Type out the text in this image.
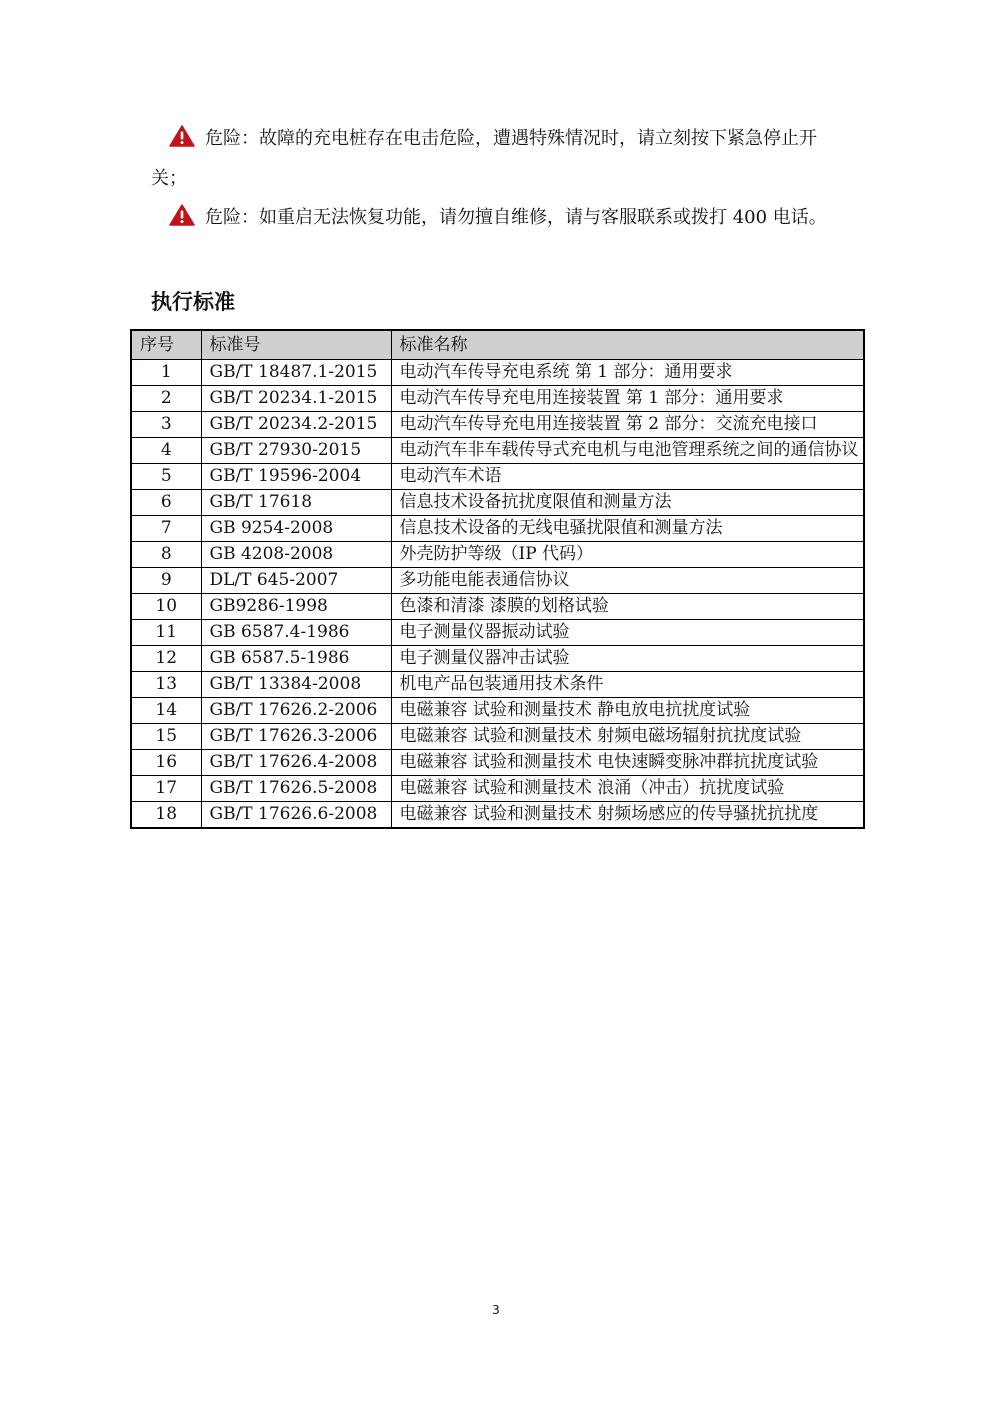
危险：故障的充电桩存在电击危险，遭遇特殊情况时，请立刻按下紧急停止开关；
危险：如重启无法恢复功能，请勿擅自维修，请与客服联系或拨打 400 电话。
执行标准
序号	标准号	标准名称
1	GB/T 18487.1-2015	电动汽车传导充电系统 第 1 部分：通用要求
2	GB/T 20234.1-2015	电动汽车传导充电用连接装置 第 1 部分：通用要求
3	GB/T 20234.2-2015	电动汽车传导充电用连接装置 第 2 部分：交流充电接口
4	GB/T 27930-2015	电动汽车非车载传导式充电机与电池管理系统之间的通信协议
5	GB/T 19596-2004	电动汽车术语
6	GB/T 17618	信息技术设备抗扰度限值和测量方法
7	GB 9254-2008	信息技术设备的无线电骚扰限值和测量方法
8	GB 4208-2008	外壳防护等级（IP 代码）
9	DL/T 645-2007	多功能电能表通信协议
10	GB9286-1998	色漆和清漆 漆膜的划格试验
11	GB 6587.4-1986	电子测量仪器振动试验
12	GB 6587.5-1986	电子测量仪器冲击试验
13	GB/T 13384-2008	机电产品包装通用技术条件
14	GB/T 17626.2-2006	电磁兼容 试验和测量技术 静电放电抗扰度试验
15	GB/T 17626.3-2006	电磁兼容 试验和测量技术 射频电磁场辐射抗扰度试验
16	GB/T 17626.4-2008	电磁兼容 试验和测量技术 电快速瞬变脉冲群抗扰度试验
17	GB/T 17626.5-2008	电磁兼容 试验和测量技术 浪涌（冲击）抗扰度试验
18	GB/T 17626.6-2008	电磁兼容 试验和测量技术 射频场感应的传导骚扰抗扰度
3
